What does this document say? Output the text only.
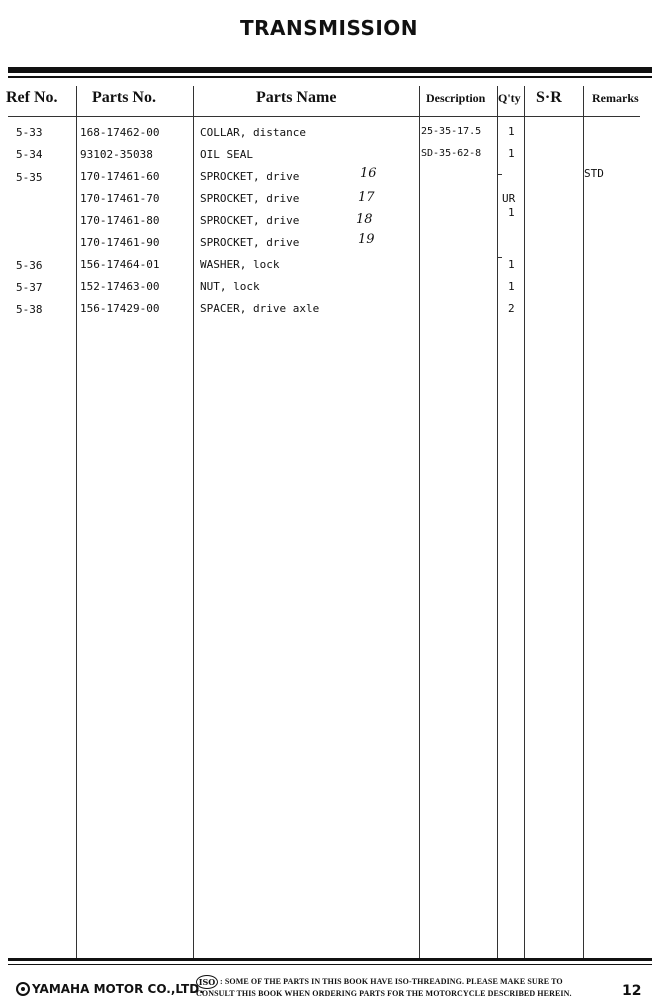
TRANSMISSION
Ref No. Parts No.	Parts Name	Description Q'ty S·R	Remarks
5-33	168-17462-00	COLLAR, distance	25-35-17.5 1
5-34	93102-35038	OIL SEAL	SD-35-62-8 1
5-35	170-17461-60	SPROCKET, drive	16	STD
170-17461-70	SPROCKET, drive	17	UR
170-17461-80	SPROCKET, drive	18	1
170-17461-90	SPROCKET, drive	19
5-36	156-17464-01	WASHER, lock	1
5-37	152-17463-00	NUT, lock	1
5-38	156-17429-00	SPACER, drive axle	2
YAMAHA MOTOR CO.,LTD.
ISO : SOME OF THE PARTS IN THIS BOOK HAVE ISO-THREADING. PLEASE MAKE SURE TO
CONSULT THIS BOOK WHEN ORDERING PARTS FOR THE MOTORCYCLE DESCRIBED HEREIN.	12
